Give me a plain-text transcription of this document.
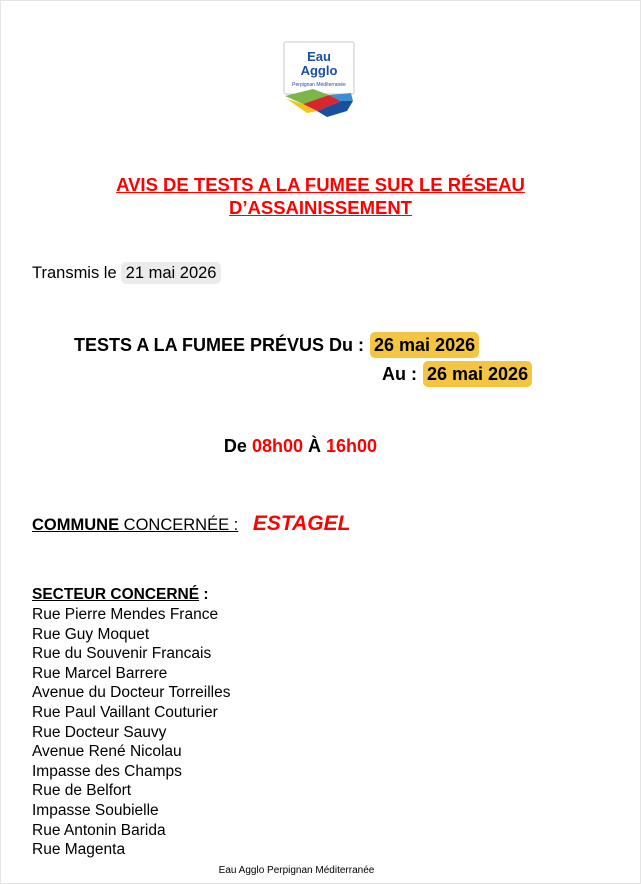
Eau
Agglo
Perpignan Méditerranée
AVIS DE TESTS A LA FUMEE SUR LE RÉSEAU
D’ASSAINISSEMENT
Transmis le 21 mai 2026
TESTS A LA FUMEE PRÉVUS Du : 26 mai 2026
Au : 26 mai 2026
De 08h00 À 16h00
COMMUNE CONCERNÉE : ESTAGEL
SECTEUR CONCERNÉ :
Rue Pierre Mendes France
Rue Guy Moquet
Rue du Souvenir Francais
Rue Marcel Barrere
Avenue du Docteur Torreilles
Rue Paul Vaillant Couturier
Rue Docteur Sauvy
Avenue René Nicolau
Impasse des Champs
Rue de Belfort
Impasse Soubielle
Rue Antonin Barida
Rue Magenta
Eau Agglo Perpignan Méditerranée
